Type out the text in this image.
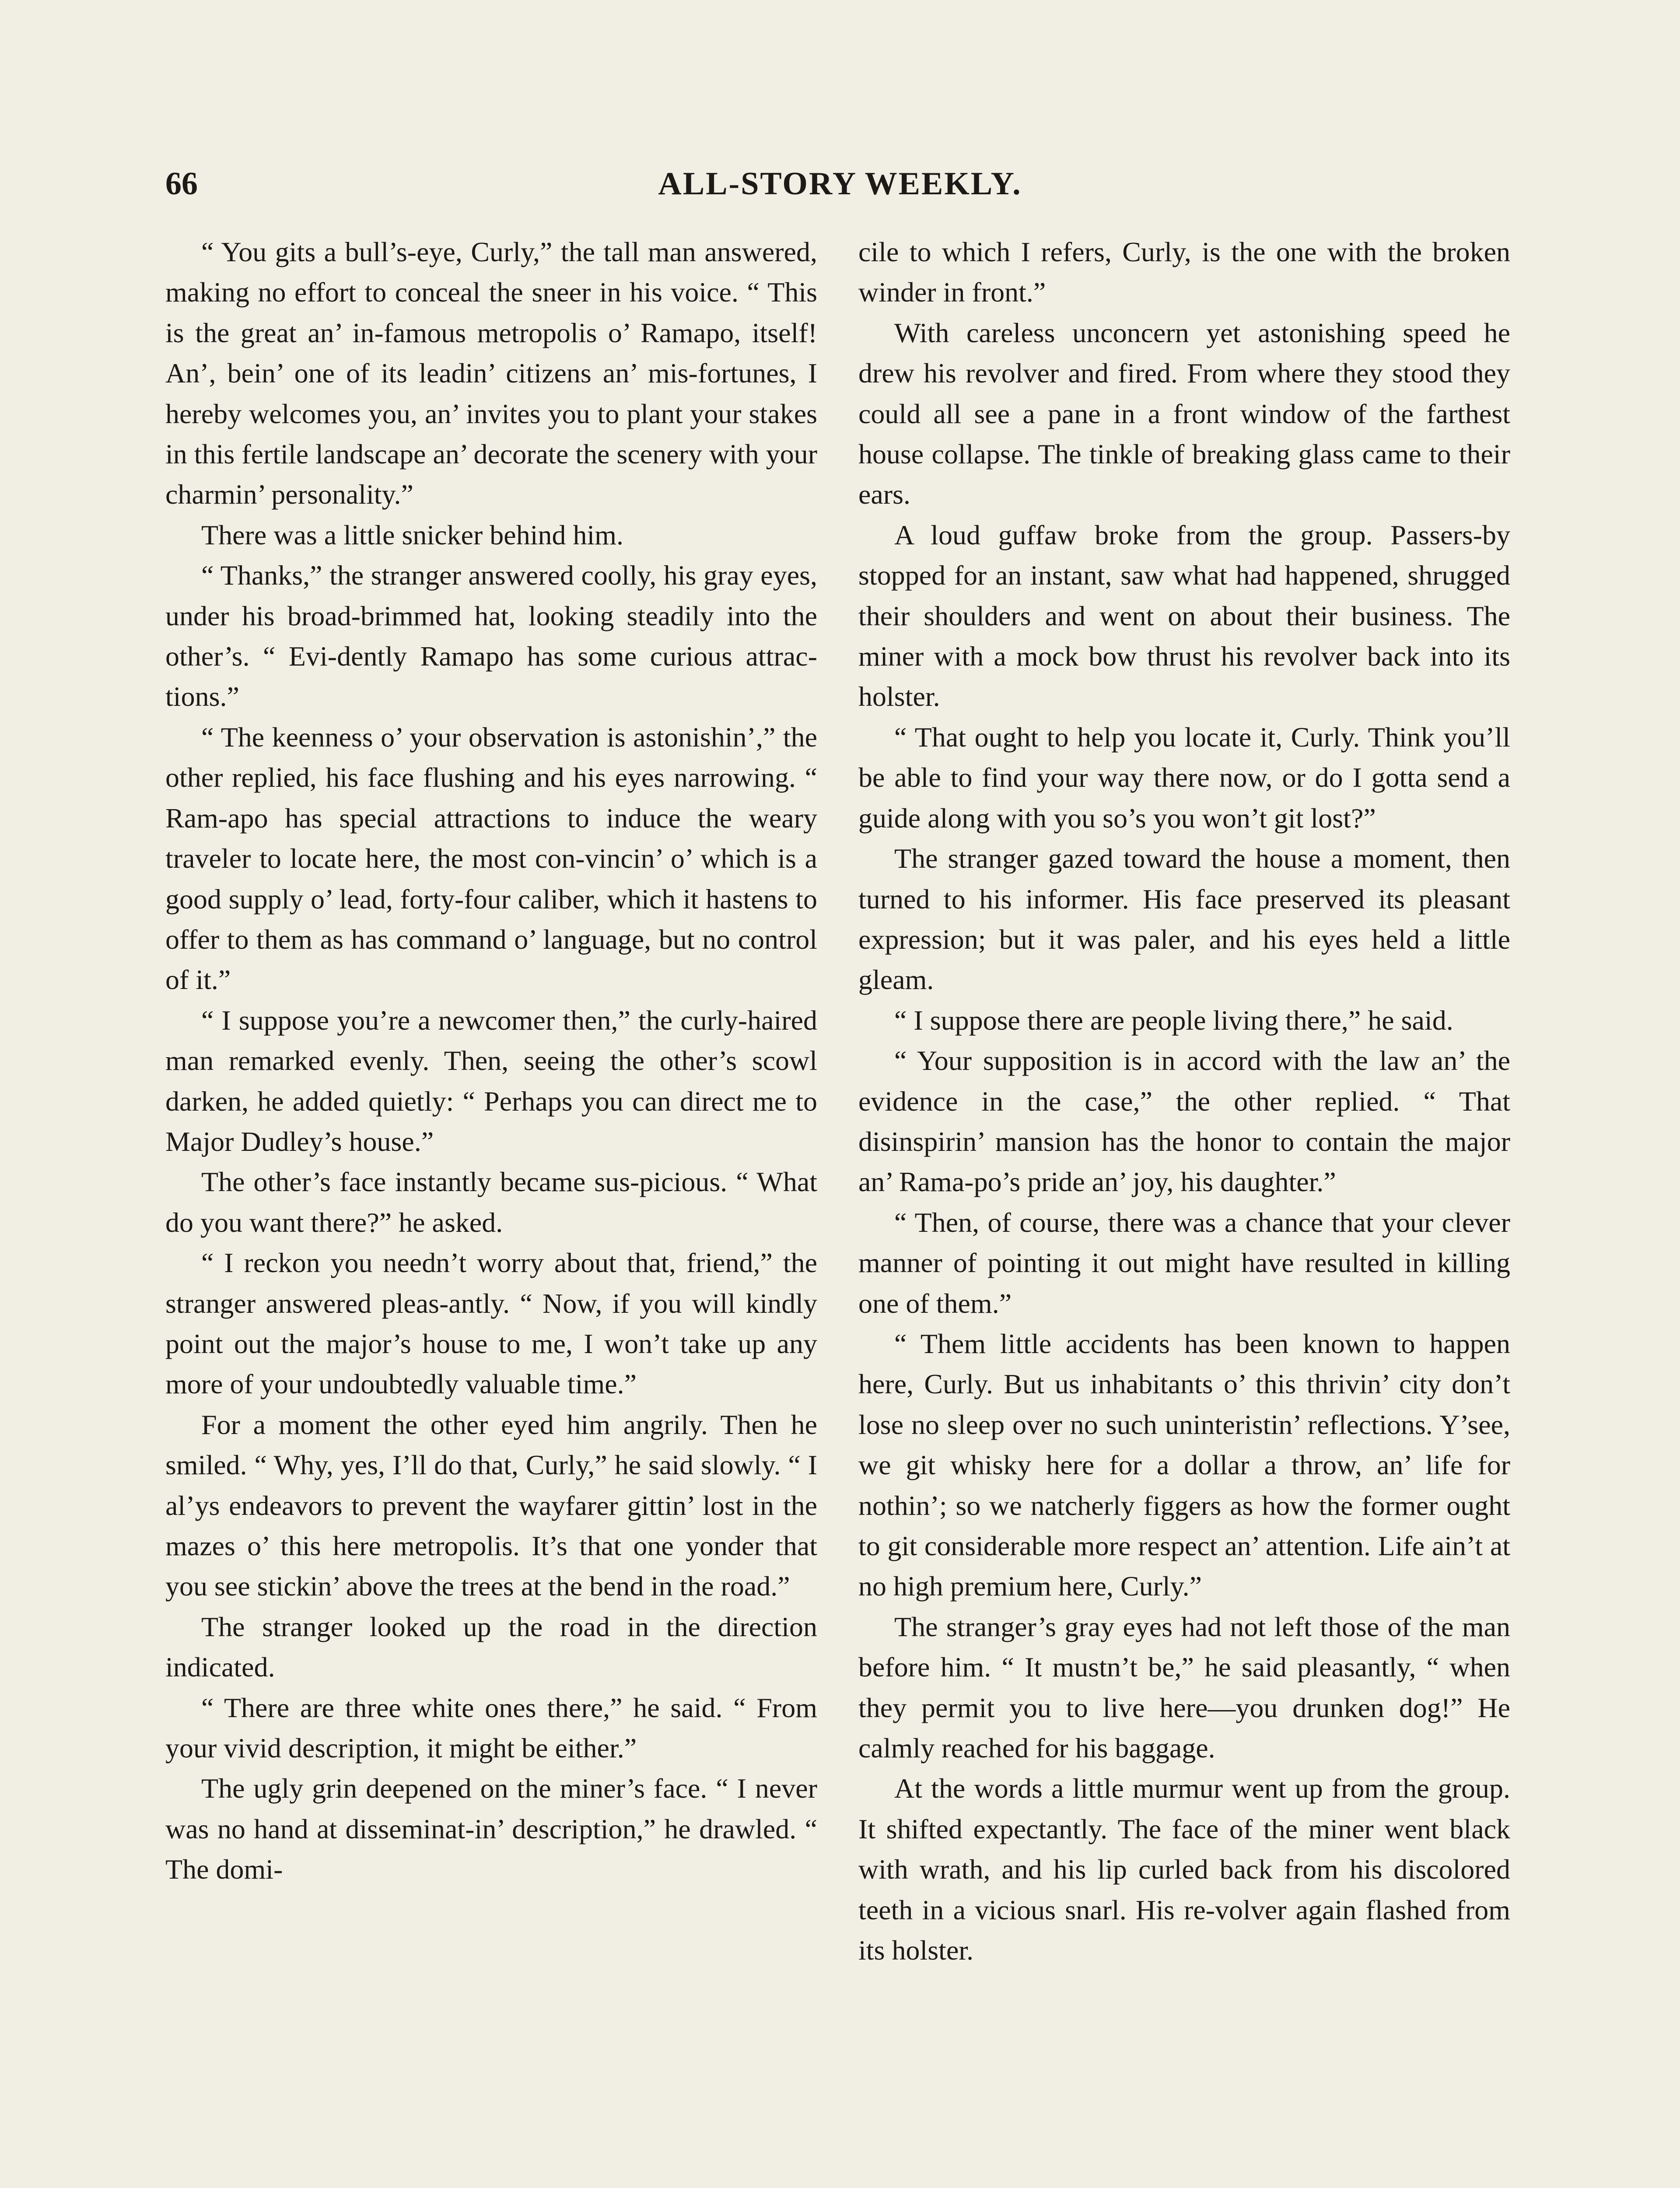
66	ALL-STORY WEEKLY.

“ You gits a bull’s-eye, Curly,” the tall man answered, making no effort to conceal the sneer in his voice. “ This is the great an’ in-famous metropolis o’ Ramapo, itself! An’, bein’ one of its leadin’ citizens an’ mis-fortunes, I hereby welcomes you, an’ invites you to plant your stakes in this fertile landscape an’ decorate the scenery with your charmin’ personality.”

There was a little snicker behind him.

“ Thanks,” the stranger answered coolly, his gray eyes, under his broad-brimmed hat, looking steadily into the other’s. “ Evi-dently Ramapo has some curious attrac-tions.”

“ The keenness o’ your observation is astonishin’,” the other replied, his face flushing and his eyes narrowing. “ Ram-apo has special attractions to induce the weary traveler to locate here, the most con-vincin’ o’ which is a good supply o’ lead, forty-four caliber, which it hastens to offer to them as has command o’ language, but no control of it.”

“ I suppose you’re a newcomer then,” the curly-haired man remarked evenly. Then, seeing the other’s scowl darken, he added quietly: “ Perhaps you can direct me to Major Dudley’s house.”

The other’s face instantly became sus-picious. “ What do you want there?” he asked.

“ I reckon you needn’t worry about that, friend,” the stranger answered pleas-antly. “ Now, if you will kindly point out the major’s house to me, I won’t take up any more of your undoubtedly valuable time.”

For a moment the other eyed him angrily. Then he smiled. “ Why, yes, I’ll do that, Curly,” he said slowly. “ I al’ys endeavors to prevent the wayfarer gittin’ lost in the mazes o’ this here metropolis. It’s that one yonder that you see stickin’ above the trees at the bend in the road.”

The stranger looked up the road in the direction indicated.

“ There are three white ones there,” he said. “ From your vivid description, it might be either.”

The ugly grin deepened on the miner’s face. “ I never was no hand at disseminat-in’ description,” he drawled. “ The domi-

cile to which I refers, Curly, is the one with the broken winder in front.”

With careless unconcern yet astonishing speed he drew his revolver and fired. From where they stood they could all see a pane in a front window of the farthest house collapse. The tinkle of breaking glass came to their ears.

A loud guffaw broke from the group. Passers-by stopped for an instant, saw what had happened, shrugged their shoulders and went on about their business. The miner with a mock bow thrust his revolver back into its holster.

“ That ought to help you locate it, Curly. Think you’ll be able to find your way there now, or do I gotta send a guide along with you so’s you won’t git lost?”

The stranger gazed toward the house a moment, then turned to his informer. His face preserved its pleasant expression; but it was paler, and his eyes held a little gleam.

“ I suppose there are people living there,” he said.

“ Your supposition is in accord with the law an’ the evidence in the case,” the other replied. “ That disinspirin’ mansion has the honor to contain the major an’ Rama-po’s pride an’ joy, his daughter.”

“ Then, of course, there was a chance that your clever manner of pointing it out might have resulted in killing one of them.”

“ Them little accidents has been known to happen here, Curly. But us inhabitants o’ this thrivin’ city don’t lose no sleep over no such uninteristin’ reflections. Y’see, we git whisky here for a dollar a throw, an’ life for nothin’; so we natcherly figgers as how the former ought to git considerable more respect an’ attention. Life ain’t at no high premium here, Curly.”

The stranger’s gray eyes had not left those of the man before him. “ It mustn’t be,” he said pleasantly, “ when they permit you to live here—you drunken dog!” He calmly reached for his baggage.

At the words a little murmur went up from the group. It shifted expectantly. The face of the miner went black with wrath, and his lip curled back from his discolored teeth in a vicious snarl. His re-volver again flashed from its holster.
